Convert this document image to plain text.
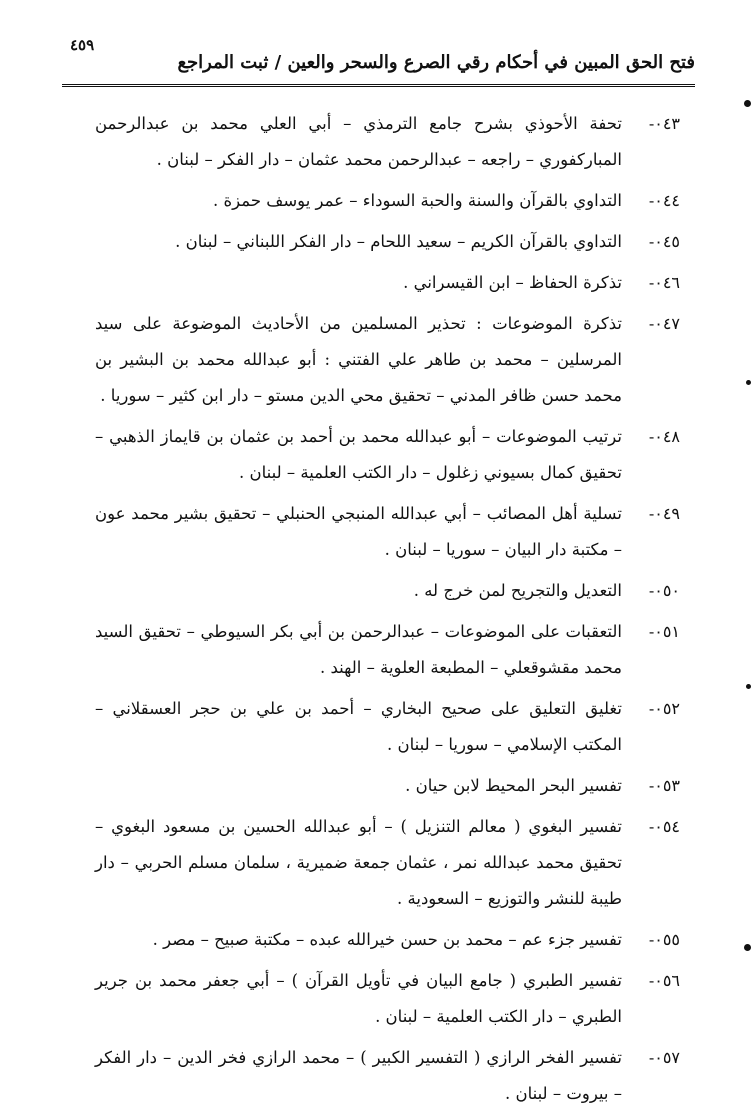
٤٥٩
فتح الحق المبين في أحكام رقي الصرع والسحر والعين / ثبت المراجع
٠٤٣-
تحفة الأحوذي بشرح جامع الترمذي – أبي العلي محمد بن عبدالرحمن المباركفوري – راجعه – عبدالرحمن محمد عثمان – دار الفكر – لبنان .
٠٤٤-
التداوي بالقرآن والسنة والحبة السوداء – عمر يوسف حمزة .
٠٤٥-
التداوي بالقرآن الكريم – سعيد اللحام – دار الفكر اللبناني – لبنان .
٠٤٦-
تذكرة الحفاظ – ابن القيسراني .
٠٤٧-
تذكرة الموضوعات : تحذير المسلمين من الأحاديث الموضوعة على سيد المرسلين – محمد بن طاهر علي الفتني : أبو عبدالله محمد بن البشير بن محمد حسن ظافر المدني – تحقيق محي الدين مستو – دار ابن كثير – سوريا .
٠٤٨-
ترتيب الموضوعات – أبو عبدالله محمد بن أحمد بن عثمان بن قايماز الذهبي – تحقيق كمال بسيوني زغلول – دار الكتب العلمية – لبنان .
٠٤٩-
تسلية أهل المصائب – أبي عبدالله المنبجي الحنبلي – تحقيق بشير محمد عون – مكتبة دار البيان – سوريا – لبنان .
٠٥٠-
التعديل والتجريح لمن خرج له .
٠٥١-
التعقبات على الموضوعات – عبدالرحمن بن أبي بكر السيوطي – تحقيق السيد محمد مقشوقعلي – المطبعة العلوية – الهند .
٠٥٢-
تغليق التعليق على صحيح البخاري – أحمد بن علي بن حجر العسقلاني – المكتب الإسلامي – سوريا – لبنان .
٠٥٣-
تفسير البحر المحيط لابن حيان .
٠٥٤-
تفسير البغوي ( معالم التنزيل ) – أبو عبدالله الحسين بن مسعود البغوي – تحقيق محمد عبدالله نمر ، عثمان جمعة ضميرية ، سلمان مسلم الحربي – دار طيبة للنشر والتوزيع – السعودية .
٠٥٥-
تفسير جزء عم – محمد بن حسن خيرالله عبده – مكتبة صبيح – مصر .
٠٥٦-
تفسير الطبري ( جامع البيان في تأويل القرآن ) – أبي جعفر محمد بن جرير الطبري – دار الكتب العلمية – لبنان .
٠٥٧-
تفسير الفخر الرازي ( التفسير الكبير ) – محمد الرازي فخر الدين – دار الفكر – بيروت – لبنان .
